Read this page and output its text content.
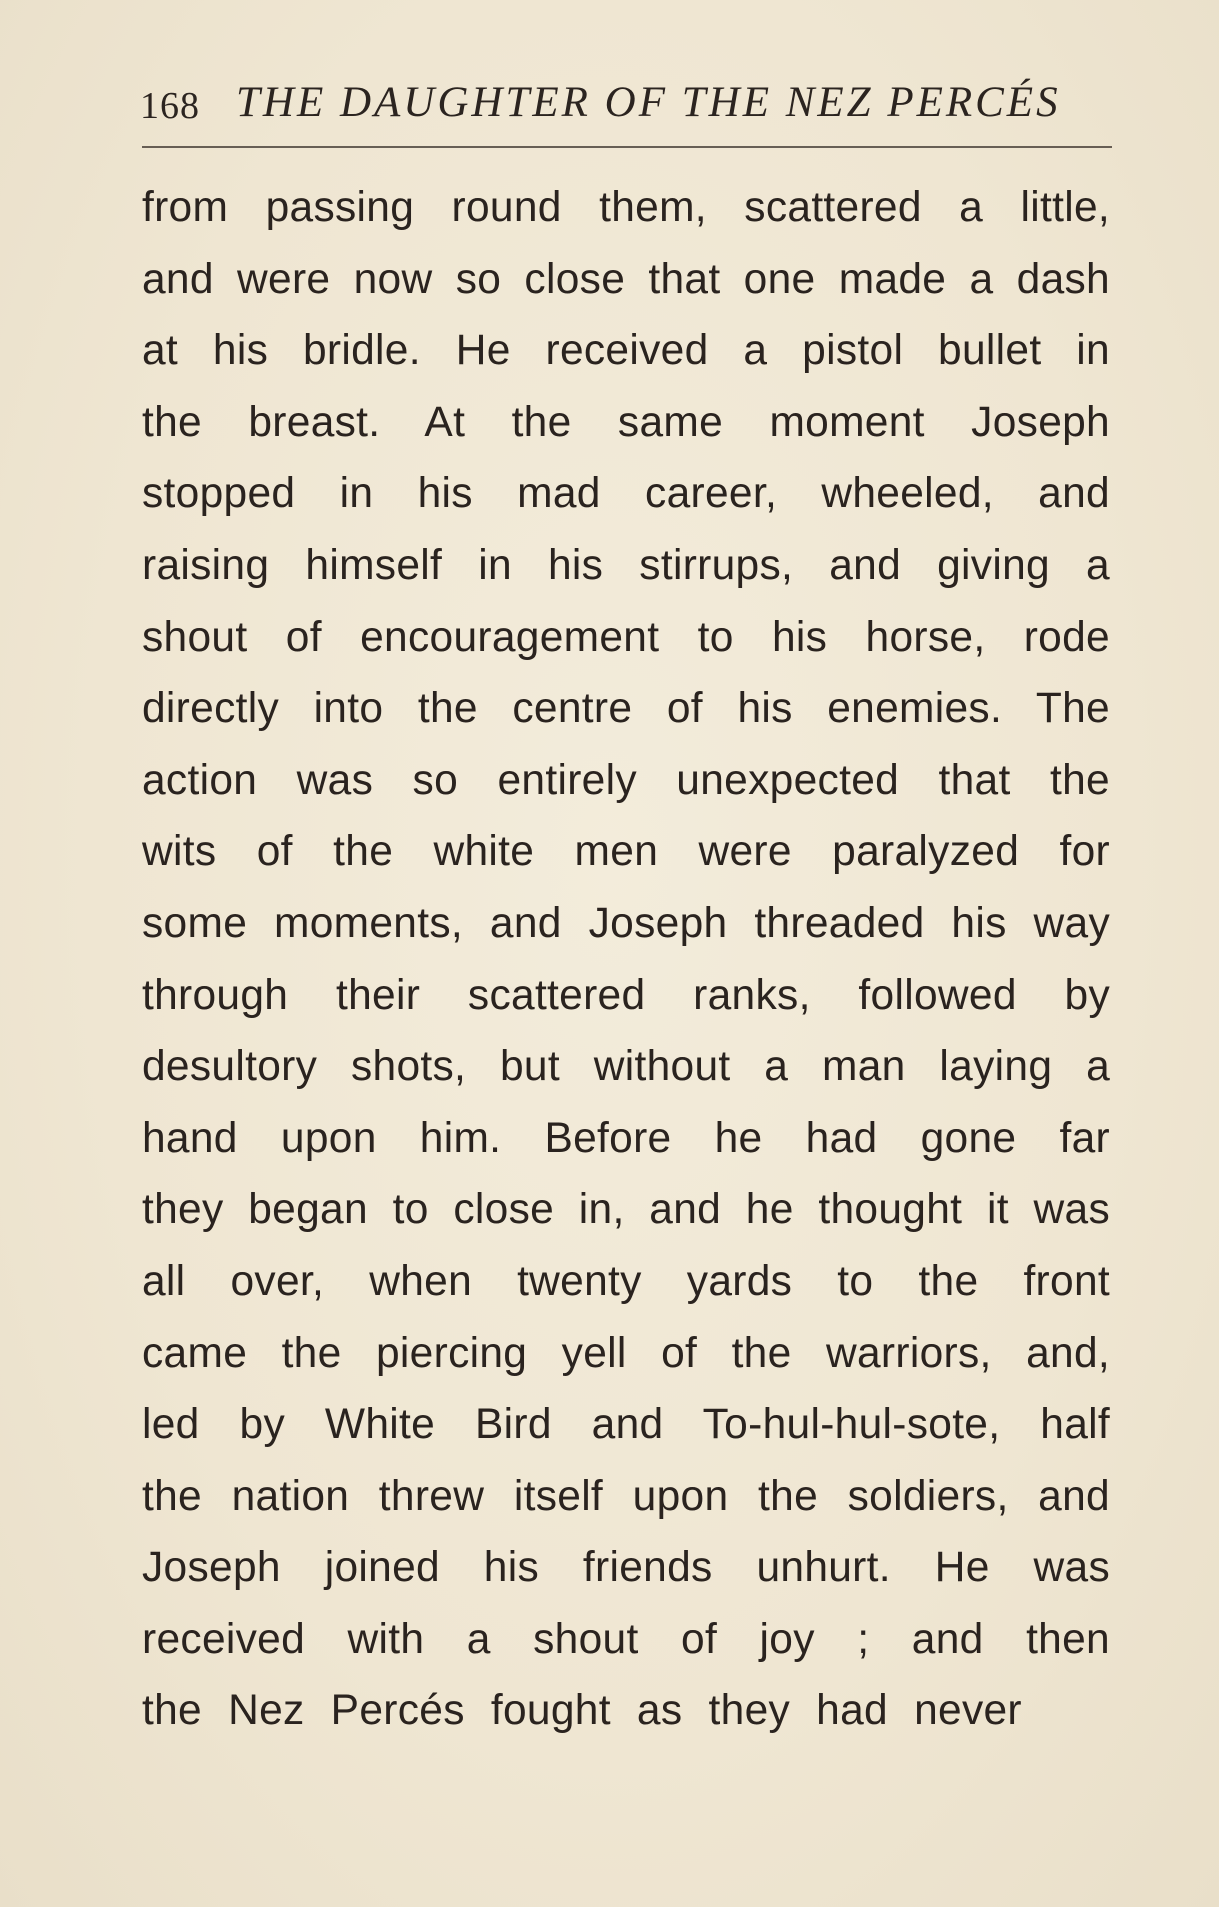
168 THE DAUGHTER OF THE NEZ PERCÉS
from passing round them, scattered a little,
and were now so close that one made a dash
at his bridle. He received a pistol bullet in
the breast. At the same moment Joseph
stopped in his mad career, wheeled, and
raising himself in his stirrups, and giving a
shout of encouragement to his horse, rode
directly into the centre of his enemies. The
action was so entirely unexpected that the
wits of the white men were paralyzed for
some moments, and Joseph threaded his way
through their scattered ranks, followed by
desultory shots, but without a man laying a
hand upon him. Before he had gone far
they began to close in, and he thought it was
all over, when twenty yards to the front
came the piercing yell of the warriors, and,
led by White Bird and To-hul-hul-sote, half
the nation threw itself upon the soldiers, and
Joseph joined his friends unhurt. He was
received with a shout of joy ; and then
the Nez Percés fought as they had never
